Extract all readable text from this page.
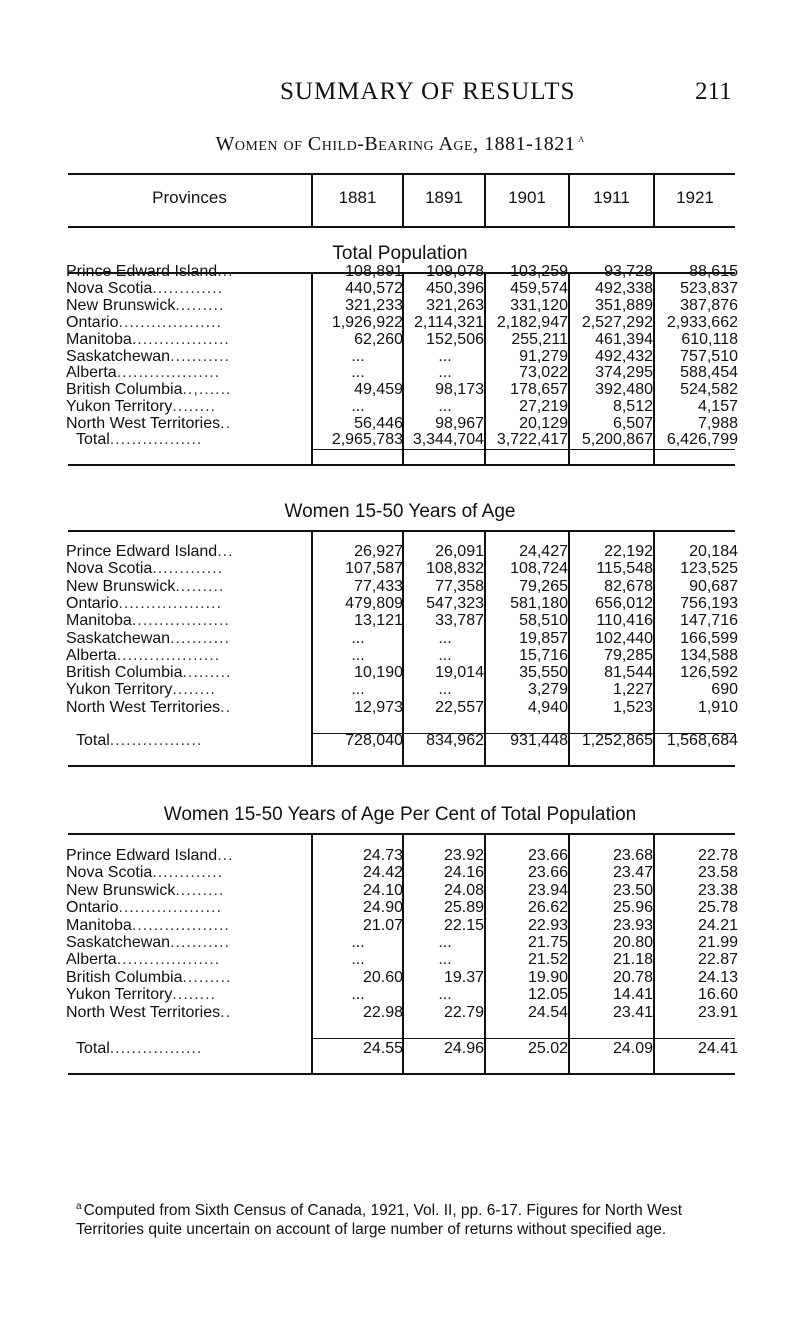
SUMMARY OF RESULTS	211
Women of Child-Bearing Age, 1881-1821 $^a$
Provinces	1881	1891	1901	1911	1921
Total Population
Prince Edward Island...	108,891	109,078	103,259	93,728	88,615
Nova Scotia.............	440,572	450,396	459,574	492,338	523,837
New Brunswick.........	321,233	321,263	331,120	351,889	387,876
Ontario...................	1,926,922 2,114,321 2,182,947 2,527,292 2,933,662
Manitoba..................	62,260	152,506	255,211	461,394	610,118
Saskatchewan...........	...	...	91,279	492,432	757,510
Alberta...................	...	...	73,022	374,295	588,454
British Columbia..,......	49,459	98,173	178,657	392,480	524,582
Yukon Territory........	...	...	27,219	8,512	4,157
North West Territories..	56,446	98,967	20,129	6,507	7,988
Total.................	2,965,783 3,344,704 3,722,417 5,200,867 6,426,799
Women 15-50 Years of Age
Prince Edward Island...	26,927	26,091	24,427	22,192	20,184
Nova Scotia.............	107,587	108,832	108,724	115,548	123,525
New Brunswick.........	77,433	77,358	79,265	82,678	90,687
Ontario...................	479,809	547,323	581,180	656,012	756,193
Manitoba..................	13,121	33,787	58,510	110,416	147,716
Saskatchewan...........	...	...	19,857	102,440	166,599
Alberta...................	...	...	15,716	79,285	134,588
British Columbia.........	10,190	19,014	35,550	81,544	126,592
Yukon Territory........	...	...	3,279	1,227	690
North West Territories..	12,973	22,557	4,940	1,523	1,910
Total.................	728,040	834,962	931,448 1,252,865 1,568,684
Women 15-50 Years of Age Per Cent of Total Population
Prince Edward Island...	24.73	23.92	23.66	23.68	22.78
Nova Scotia.............	24.42	24.16	23.66	23.47	23.58
New Brunswick.........	24.10	24.08	23.94	23.50	23.38
Ontario...................	24.90	25.89	26.62	25.96	25.78
Manitoba..................	21.07	22.15	22.93	23.93	24.21
Saskatchewan...........	...	...	21.75	20.80	21.99
Alberta...................	...	...	21.52	21.18	22.87
British Columbia.........	20.60	19.37	19.90	20.78	24.13
Yukon Territory........	...	...	12.05	14.41	16.60
North West Territories..	22.98	22.79	24.54	23.41	23.91
Total.................	24.55	24.96	25.02	24.09	24.41
$^a$ Computed from Sixth Census of Canada, 1921, Vol. II, pp. 6-17. Figures for North West Territories quite uncertain on account of large number of returns without specified age.
